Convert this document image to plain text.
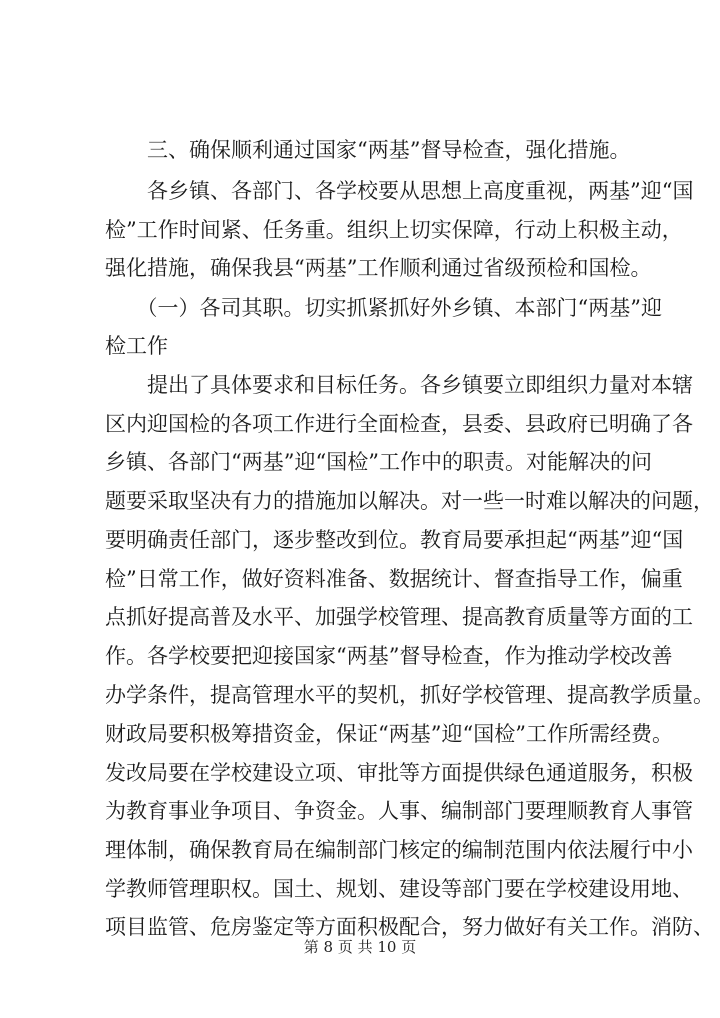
　　三、确保顺利通过国家“两基”督导检查，强化措施。
　　各乡镇、各部门、各学校要从思想上高度重视，两基”迎“国
检”工作时间紧、任务重。组织上切实保障，行动上积极主动，
强化措施，确保我县“两基”工作顺利通过省级预检和国检。
　　（一）各司其职。切实抓紧抓好外乡镇、本部门“两基”迎
检工作
　　提出了具体要求和目标任务。各乡镇要立即组织力量对本辖
区内迎国检的各项工作进行全面检查，县委、县政府已明确了各
乡镇、各部门“两基”迎“国检”工作中的职责。对能解决的问
题要采取坚决有力的措施加以解决。对一些一时难以解决的问题，
要明确责任部门，逐步整改到位。教育局要承担起“两基”迎“国
检”日常工作，做好资料准备、数据统计、督查指导工作，偏重
点抓好提高普及水平、加强学校管理、提高教育质量等方面的工
作。各学校要把迎接国家“两基”督导检查，作为推动学校改善
办学条件，提高管理水平的契机，抓好学校管理、提高教学质量。
财政局要积极筹措资金，保证“两基”迎“国检”工作所需经费。
发改局要在学校建设立项、审批等方面提供绿色通道服务，积极
为教育事业争项目、争资金。人事、编制部门要理顺教育人事管
理体制，确保教育局在编制部门核定的编制范围内依法履行中小
学教师管理职权。国土、规划、建设等部门要在学校建设用地、
项目监管、危房鉴定等方面积极配合，努力做好有关工作。消防、
第 8 页 共 10 页
